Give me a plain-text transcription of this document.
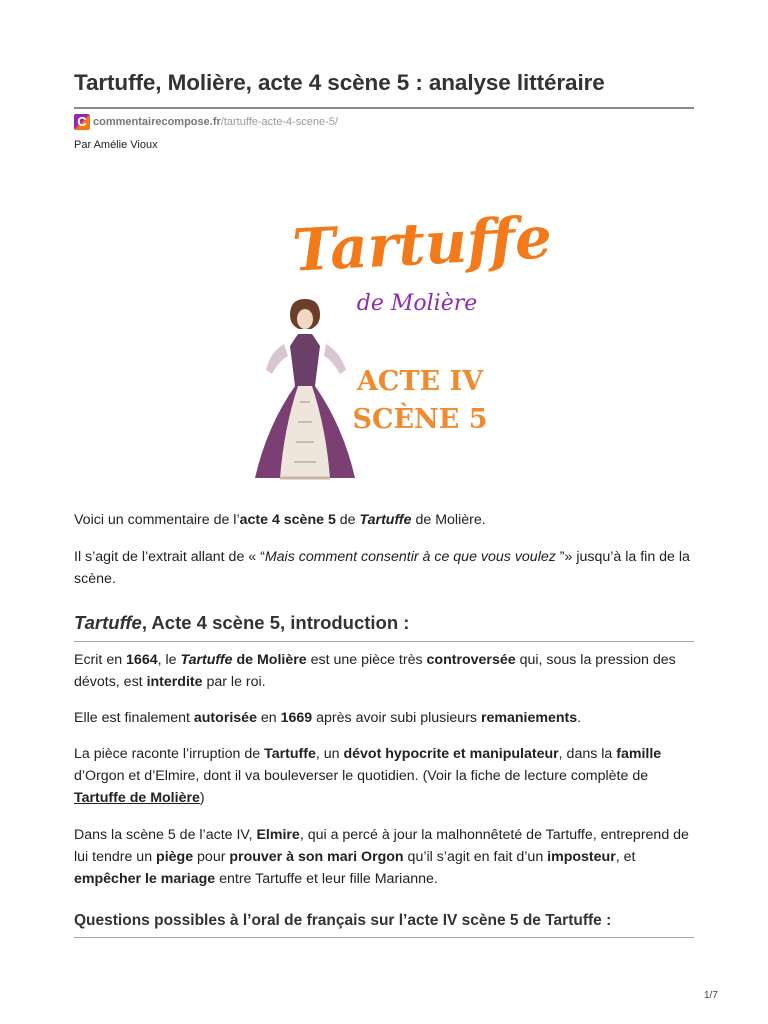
Tartuffe, Molière, acte 4 scène 5 : analyse littéraire
C commentairecompose.fr/tartuffe-acte-4-scene-5/
Par Amélie Vioux
Tartuffe
de Molière
ACTE IV
SCÈNE 5

Voici un commentaire de l’acte 4 scène 5 de Tartuffe de Molière.

Il s’agit de l’extrait allant de « “Mais comment consentir à ce que vous voulez ”» jusqu’à la fin de la scène.

Tartuffe, Acte 4 scène 5, introduction :

Ecrit en 1664, le Tartuffe de Molière est une pièce très controversée qui, sous la pression des dévots, est interdite par le roi.

Elle est finalement autorisée en 1669 après avoir subi plusieurs remaniements.

La pièce raconte l’irruption de Tartuffe, un dévot hypocrite et manipulateur, dans la famille d’Orgon et d’Elmire, dont il va bouleverser le quotidien. (Voir la fiche de lecture complète de Tartuffe de Molière)

Dans la scène 5 de l’acte IV, Elmire, qui a percé à jour la malhonnêteté de Tartuffe, entreprend de lui tendre un piège pour prouver à son mari Orgon qu’il s’agit en fait d’un imposteur, et empêcher le mariage entre Tartuffe et leur fille Marianne.

Questions possibles à l’oral de français sur l’acte IV scène 5 de Tartuffe :
1/7
